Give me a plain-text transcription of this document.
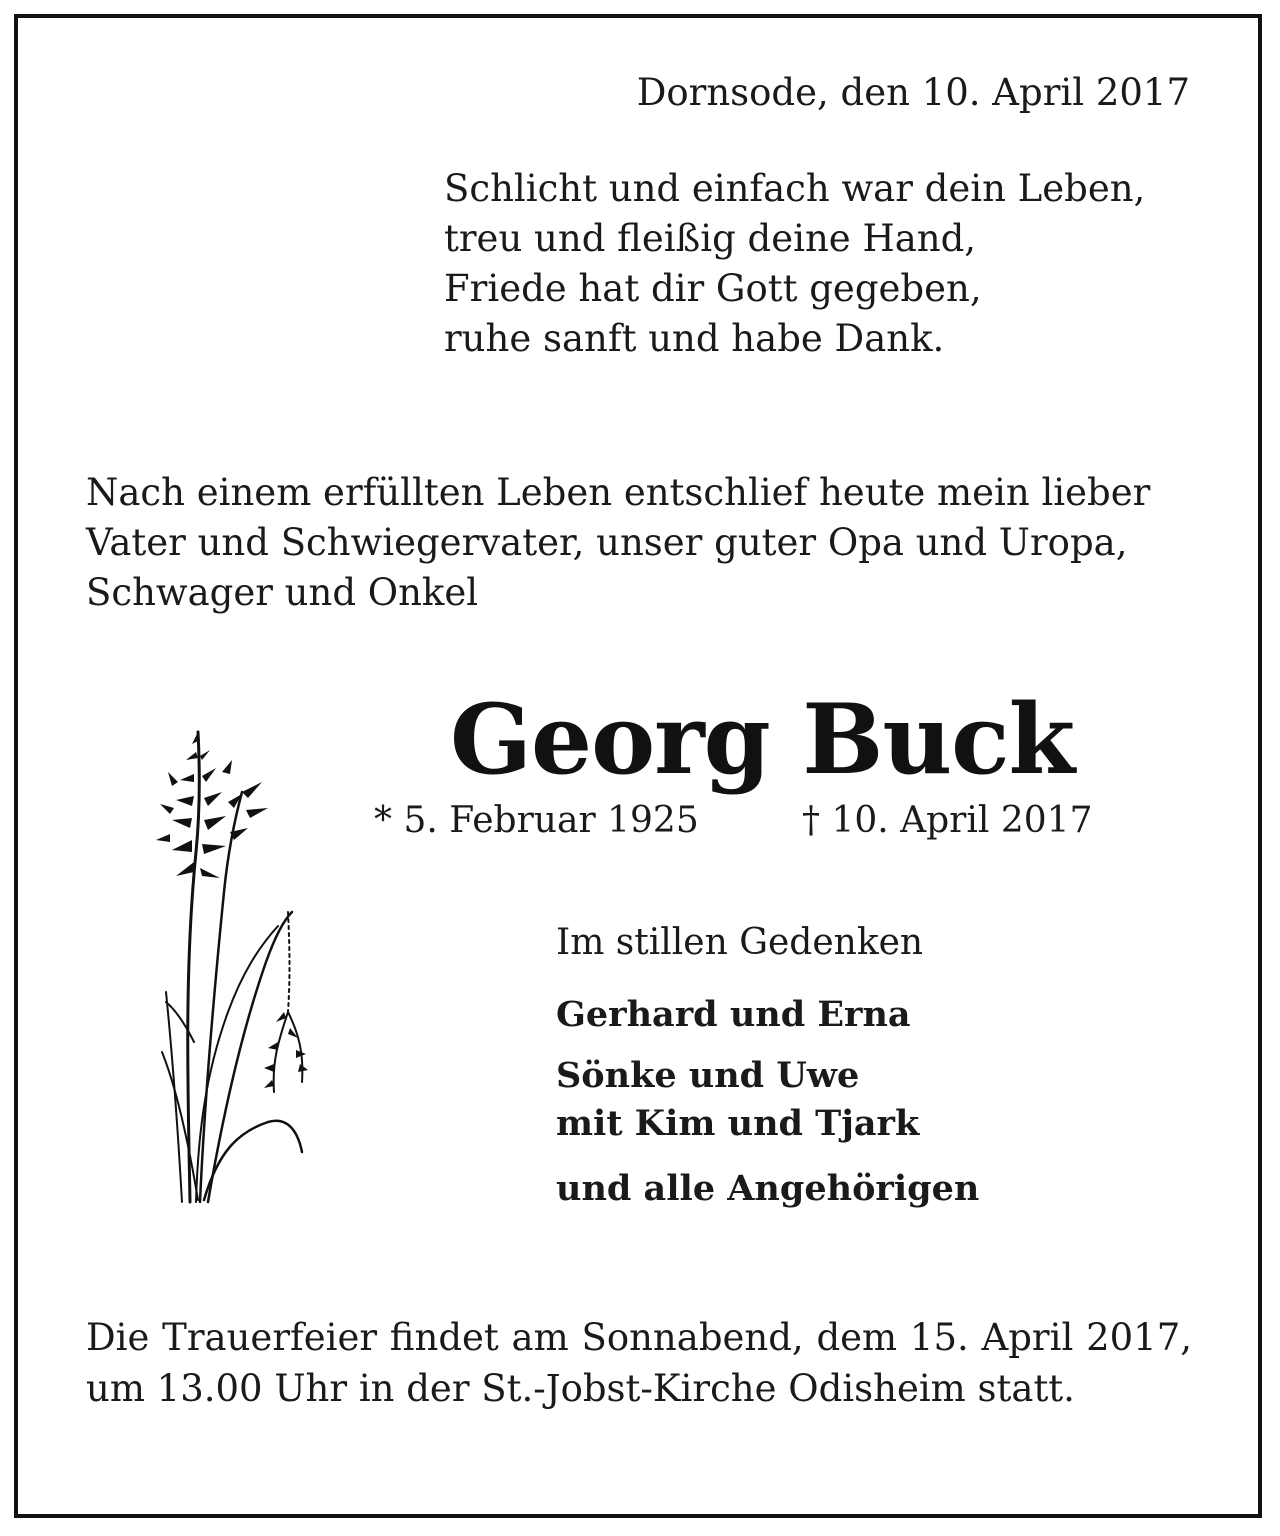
Dornsode, den 10. April 2017
Schlicht und einfach war dein Leben,
treu und fleißig deine Hand,
Friede hat dir Gott gegeben,
ruhe sanft und habe Dank.
Nach einem erfüllten Leben entschlief heute mein lieber
Vater und Schwiegervater, unser guter Opa und Uropa,
Schwager und Onkel
Georg Buck
* 5. Februar 1925	† 10. April 2017
Im stillen Gedenken
Gerhard und Erna
Sönke und Uwe
mit Kim und Tjark
und alle Angehörigen
Die Trauerfeier findet am Sonnabend, dem 15. April 2017, um 13.00 Uhr in der St.-Jobst-Kirche Odisheim statt.
